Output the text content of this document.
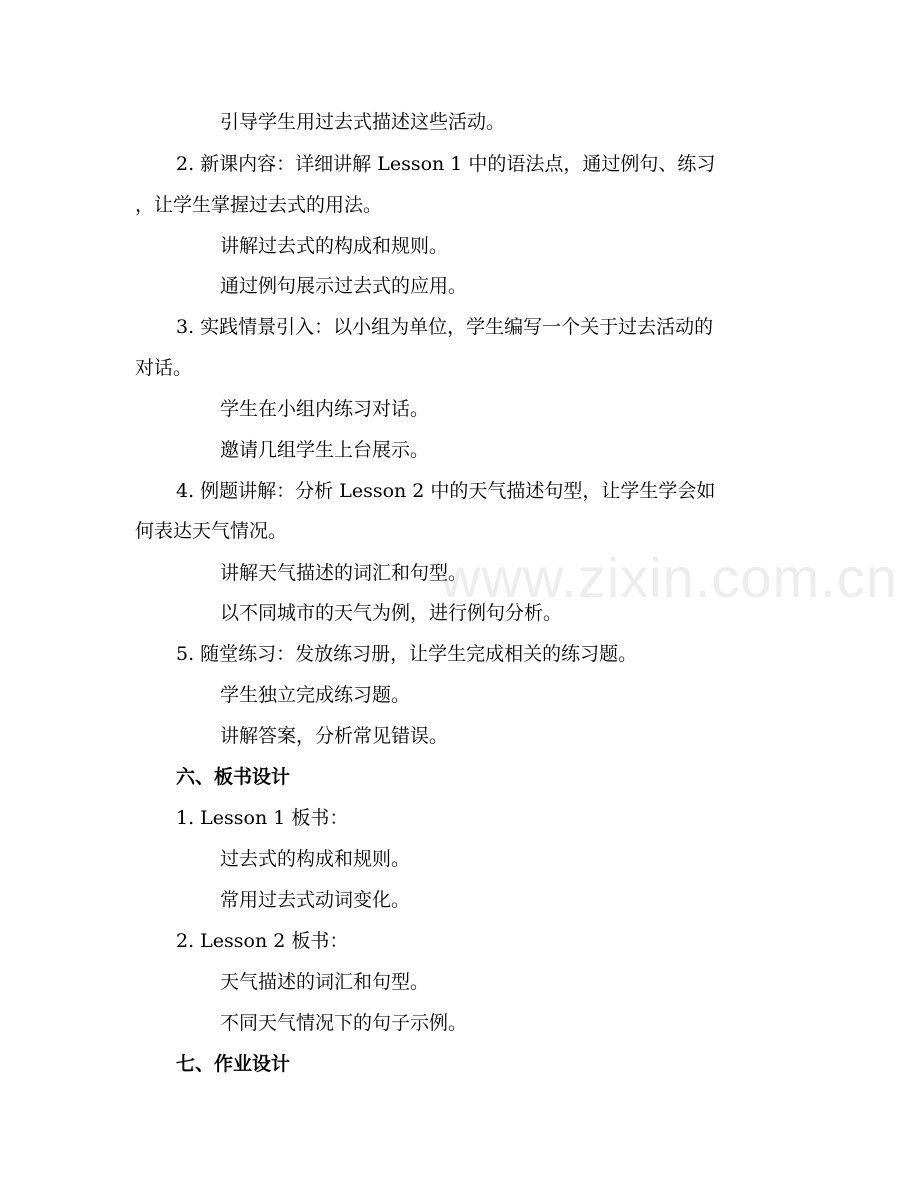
www.zixin.com.cn
引导学生用过去式描述这些活动。
2. 新课内容：详细讲解 Lesson 1 中的语法点，通过例句、练习
，让学生掌握过去式的用法。
讲解过去式的构成和规则。
通过例句展示过去式的应用。
3. 实践情景引入：以小组为单位，学生编写一个关于过去活动的
对话。
学生在小组内练习对话。
邀请几组学生上台展示。
4. 例题讲解：分析 Lesson 2 中的天气描述句型，让学生学会如
何表达天气情况。
讲解天气描述的词汇和句型。
以不同城市的天气为例，进行例句分析。
5. 随堂练习：发放练习册，让学生完成相关的练习题。
学生独立完成练习题。
讲解答案，分析常见错误。
六、板书设计
1. Lesson 1 板书：
过去式的构成和规则。
常用过去式动词变化。
2. Lesson 2 板书：
天气描述的词汇和句型。
不同天气情况下的句子示例。
七、作业设计
